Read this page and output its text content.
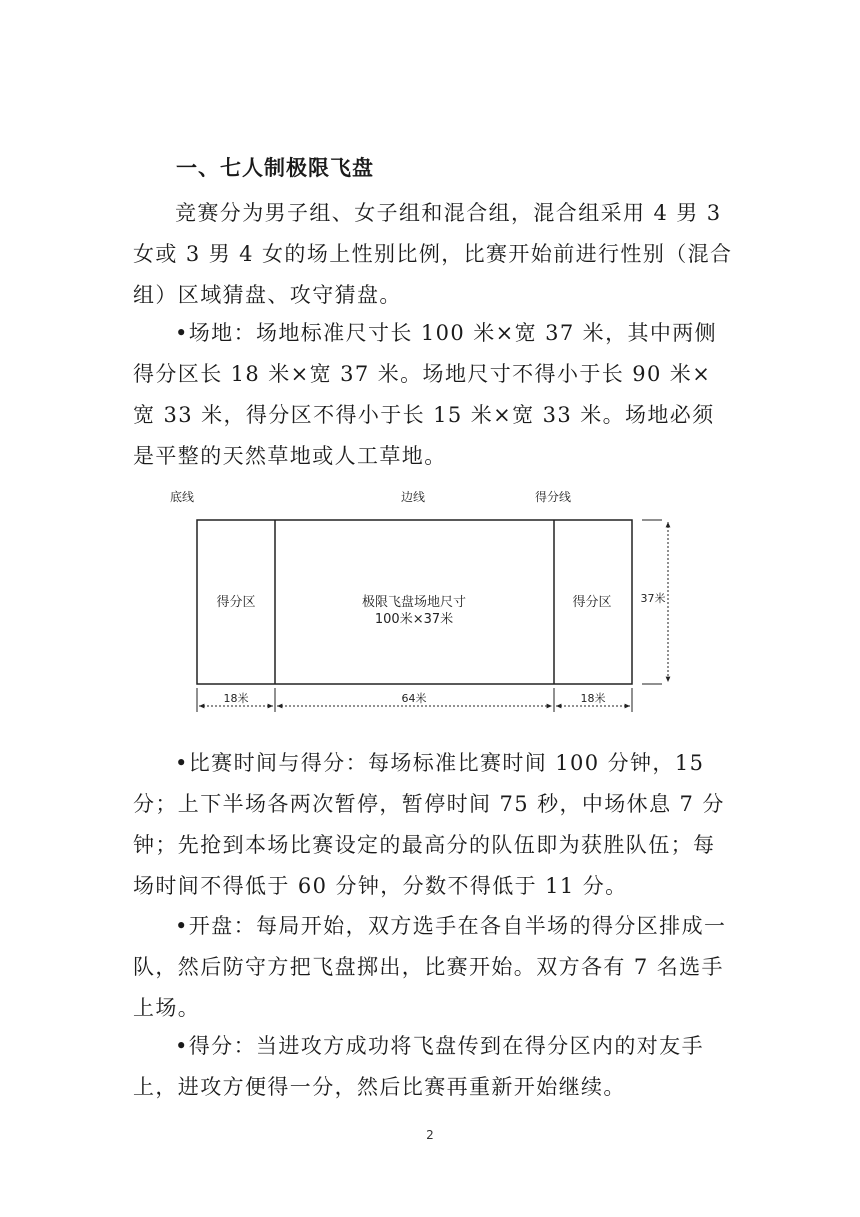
一、七人制极限飞盘

竞赛分为男子组、女子组和混合组，混合组采用 4 男 3 女或 3 男 4 女的场上性别比例，比赛开始前进行性别（混合组）区域猜盘、攻守猜盘。

•场地：场地标准尺寸长 100 米×宽 37 米，其中两侧得分区长 18 米×宽 37 米。场地尺寸不得小于长 90 米×宽 33 米，得分区不得小于长 15 米×宽 33 米。场地必须是平整的天然草地或人工草地。

底线	边线	得分线
得分区	得分区
极限飞盘场地尺寸
100米×37米
37米
18米	64米	18米

•比赛时间与得分：每场标准比赛时间 100 分钟，15 分；上下半场各两次暂停，暂停时间 75 秒，中场休息 7 分钟；先抢到本场比赛设定的最高分的队伍即为获胜队伍；每场时间不得低于 60 分钟，分数不得低于 11 分。

•开盘：每局开始，双方选手在各自半场的得分区排成一队，然后防守方把飞盘掷出，比赛开始。双方各有 7 名选手上场。

•得分：当进攻方成功将飞盘传到在得分区内的对友手上，进攻方便得一分，然后比赛再重新开始继续。

2
